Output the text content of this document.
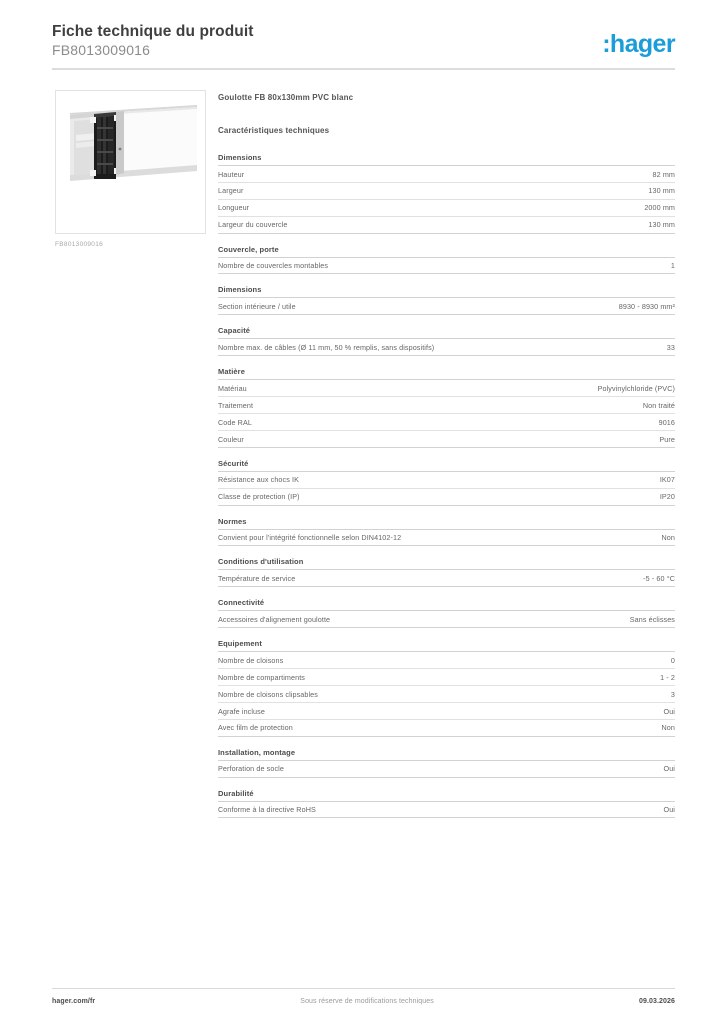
Fiche technique du produit
FB8013009016	:hager
FB8013009016
Goulotte FB 80x130mm PVC blanc
Caractéristiques techniques
Dimensions
Hauteur	82 mm
Largeur	130 mm
Longueur	2000 mm
Largeur du couvercle	130 mm
Couvercle, porte
Nombre de couvercles montables	1
Dimensions
Section intérieure / utile	8930 - 8930 mm²
Capacité
Nombre max. de câbles (Ø 11 mm, 50 % remplis, sans dispositifs)	33
Matière
Matériau	Polyvinylchloride (PVC)
Traitement	Non traité
Code RAL	9016
Couleur	Pure
Sécurité
Résistance aux chocs IK	IK07
Classe de protection (IP)	IP20
Normes
Convient pour l'intégrité fonctionnelle selon DIN4102-12	Non
Conditions d'utilisation
Température de service	-5 - 60 °C
Connectivité
Accessoires d'alignement goulotte	Sans éclisses
Equipement
Nombre de cloisons	0
Nombre de compartiments	1 - 2
Nombre de cloisons clipsables	3
Agrafe incluse	Oui
Avec film de protection	Non
Installation, montage
Perforation de socle	Oui
Durabilité
Conforme à la directive RoHS	Oui
hager.com/fr	Sous réserve de modifications techniques	09.03.2026
